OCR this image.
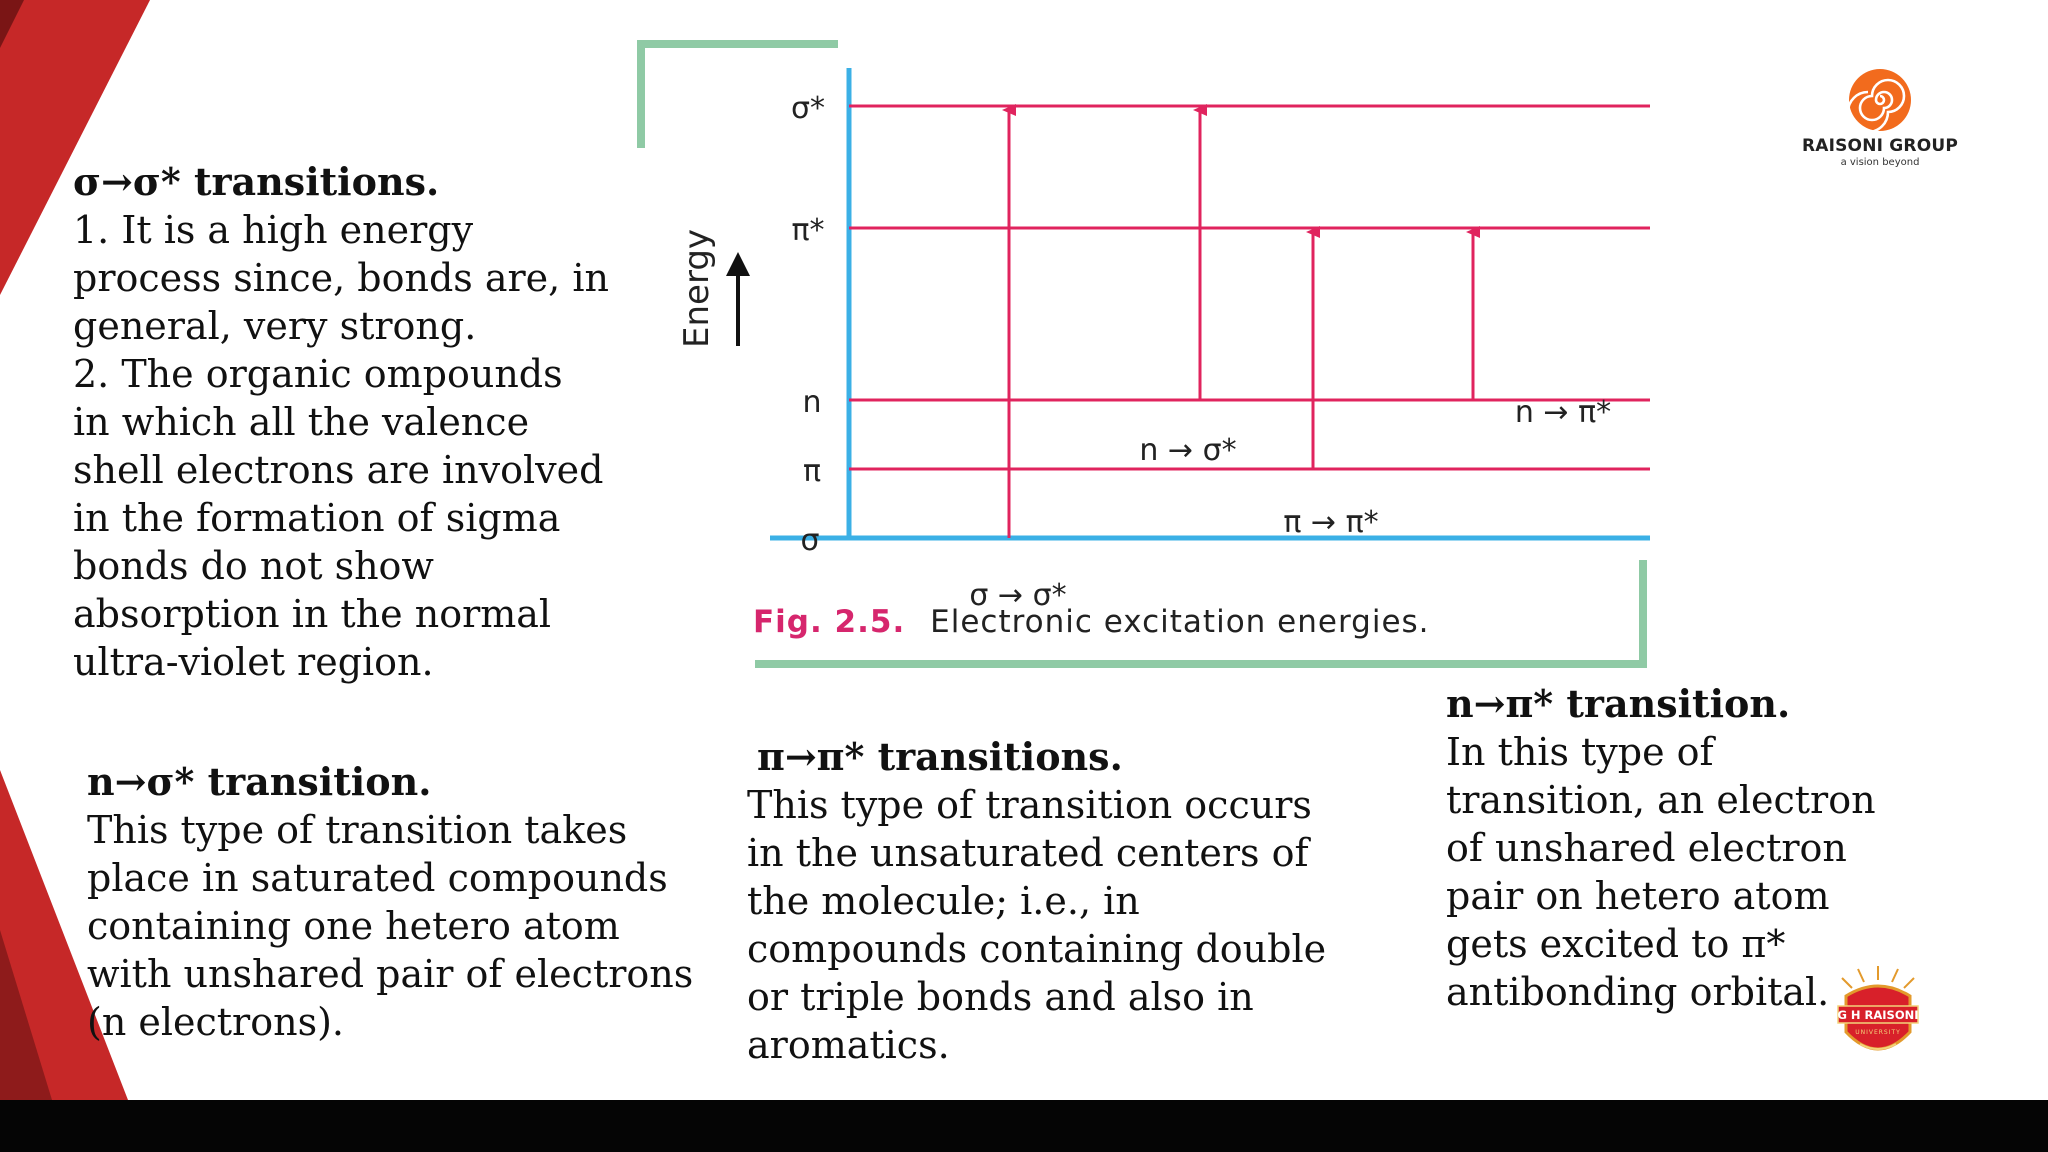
σ→σ* transitions.
1. It is a high energy
process since, bonds are, in
general, very strong.
2. The organic ompounds
in which all the valence
shell electrons are involved
in the formation of sigma
bonds do not show
absorption in the normal
ultra-violet region.
n→σ* transition.
This type of transition takes
place in saturated compounds
containing one hetero atom
with unshared pair of electrons
(n electrons).
π→π* transitions.
This type of transition occurs
in the unsaturated centers of
the molecule; i.e., in
compounds containing double
or triple bonds and also in
aromatics.
n→π* transition.
In this type of
transition, an electron
of unshared electron
pair on hetero atom
gets excited to π*
antibonding orbital.
Energy
σ*
π*
n
π
σ
σ → σ*
n → σ*
π → π*
n → π*
Fig. 2.5. Electronic excitation energies.
RAISONI GROUP
a vision beyond
G H RAISONI
UNIVERSITY
